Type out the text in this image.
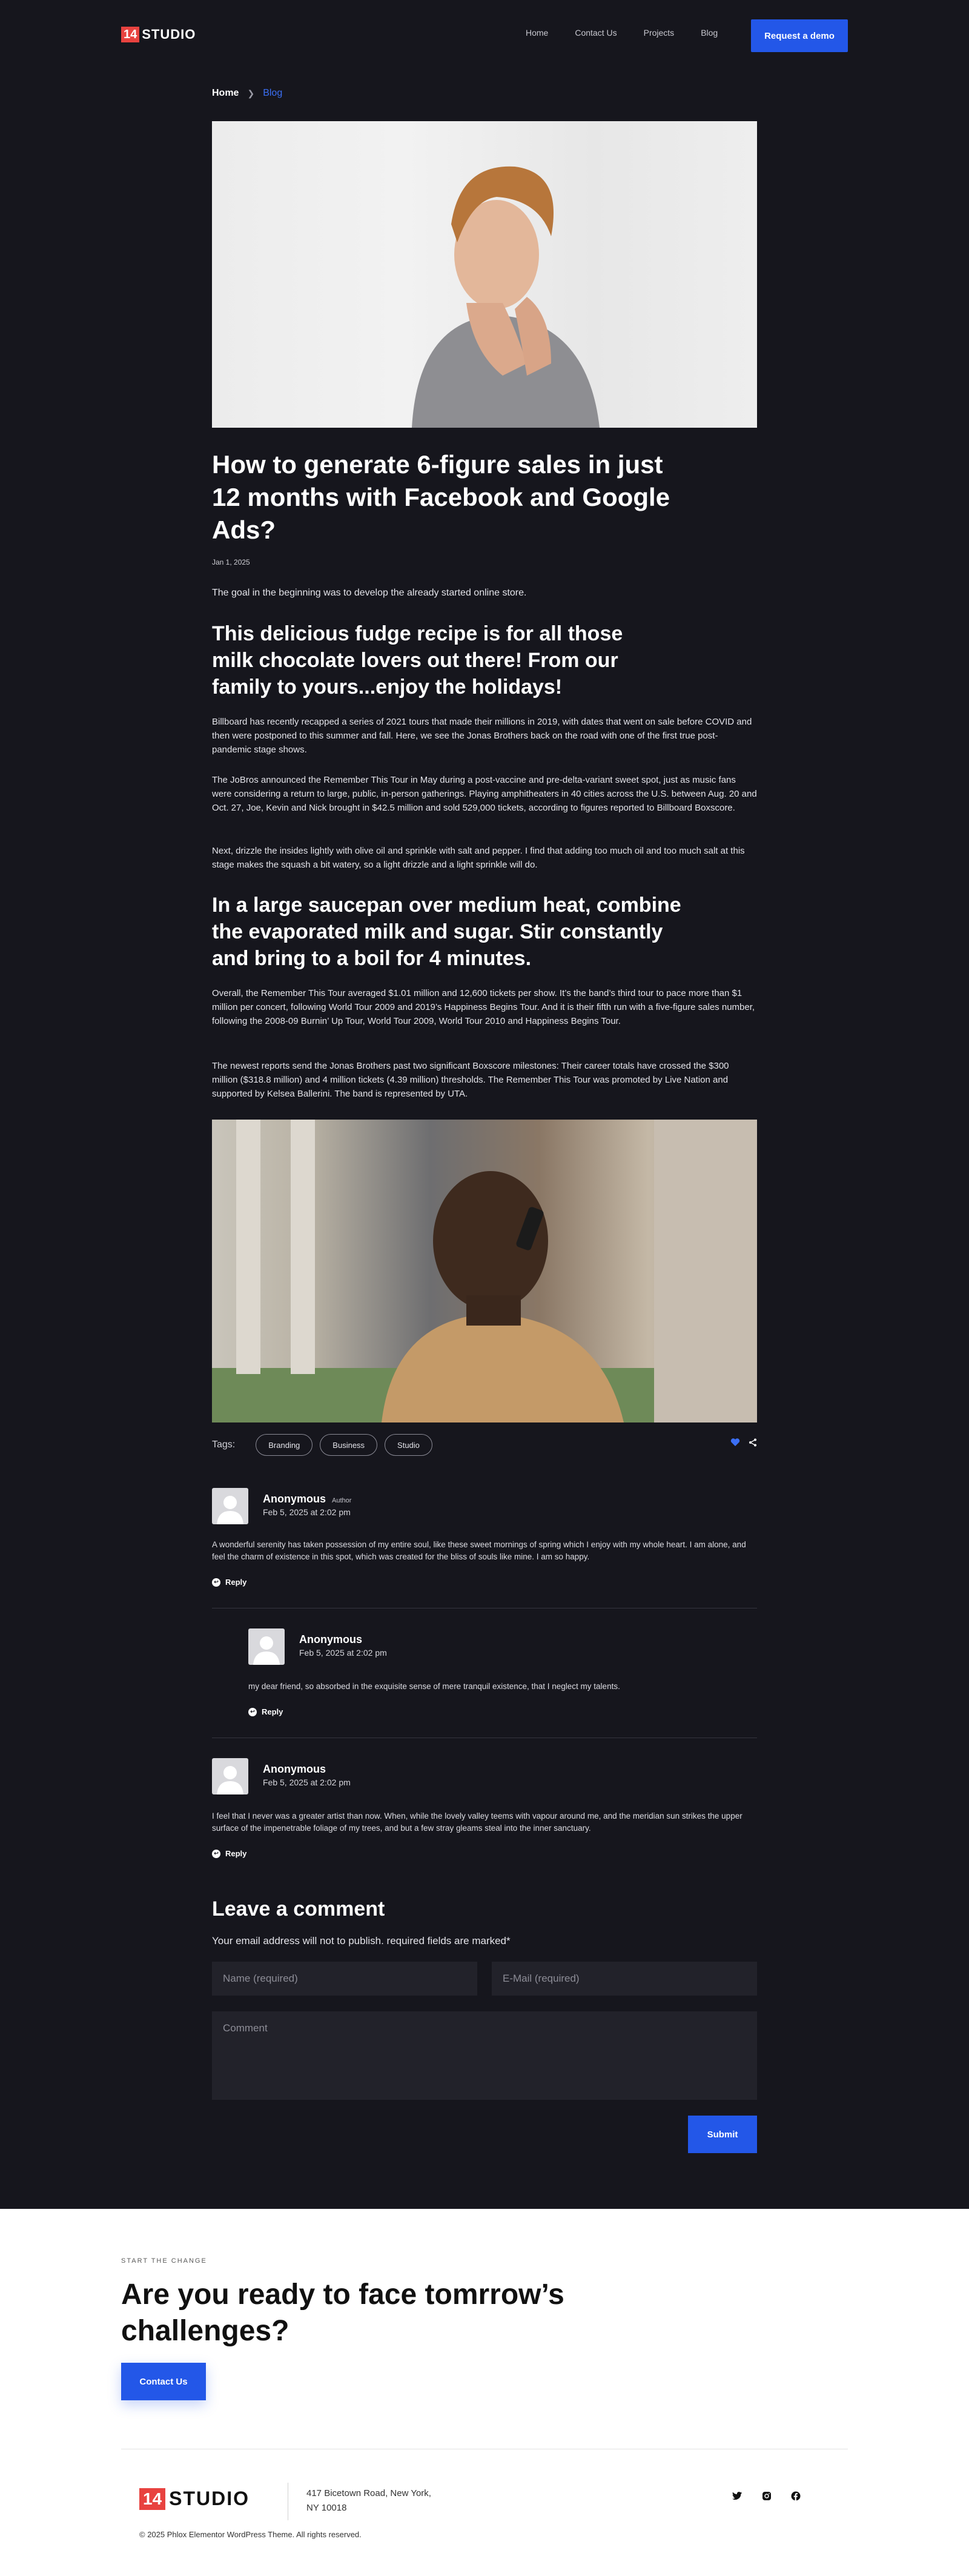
14 STUDIO	Home	Contact Us	Projects	Blog	Request a demo
Home ❯ Blog
How to generate 6-figure sales in just 12 months with Facebook and Google Ads?
Jan 1, 2025

The goal in the beginning was to develop the already started online store.

This delicious fudge recipe is for all those milk chocolate lovers out there! From our family to yours...enjoy the holidays!

Billboard has recently recapped a series of 2021 tours that made their millions in 2019, with dates that went on sale before COVID and then were postponed to this summer and fall. Here, we see the Jonas Brothers back on the road with one of the first true post-pandemic stage shows.

The JoBros announced the Remember This Tour in May during a post-vaccine and pre-delta-variant sweet spot, just as music fans were considering a return to large, public, in-person gatherings. Playing amphitheaters in 40 cities across the U.S. between Aug. 20 and Oct. 27, Joe, Kevin and Nick brought in $42.5 million and sold 529,000 tickets, according to figures reported to Billboard Boxscore.

Next, drizzle the insides lightly with olive oil and sprinkle with salt and pepper. I find that adding too much oil and too much salt at this stage makes the squash a bit watery, so a light drizzle and a light sprinkle will do.

In a large saucepan over medium heat, combine the evaporated milk and sugar. Stir constantly and bring to a boil for 4 minutes.

Overall, the Remember This Tour averaged $1.01 million and 12,600 tickets per show. It’s the band’s third tour to pace more than $1 million per concert, following World Tour 2009 and 2019’s Happiness Begins Tour. And it is their fifth run with a five-figure sales number, following the 2008-09 Burnin’ Up Tour, World Tour 2009, World Tour 2010 and Happiness Begins Tour.

The newest reports send the Jonas Brothers past two significant Boxscore milestones: Their career totals have crossed the $300 million ($318.8 million) and 4 million tickets (4.39 million) thresholds. The Remember This Tour was promoted by Live Nation and supported by Kelsea Ballerini. The band is represented by UTA.

Tags:	Branding	Business	Studio
Anonymous Author
Feb 5, 2025 at 2:02 pm
A wonderful serenity has taken possession of my entire soul, like these sweet mornings of spring which I enjoy with my whole heart. I am alone, and feel the charm of existence in this spot, which was created for the bliss of souls like mine. I am so happy.
↩ Reply
Anonymous
Feb 5, 2025 at 2:02 pm
my dear friend, so absorbed in the exquisite sense of mere tranquil existence, that I neglect my talents.
↩ Reply
Anonymous
Feb 5, 2025 at 2:02 pm
I feel that I never was a greater artist than now. When, while the lovely valley teems with vapour around me, and the meridian sun strikes the upper surface of the impenetrable foliage of my trees, and but a few stray gleams steal into the inner sanctuary.
↩ Reply
Leave a comment

Your email address will not to publish. required fields are marked*

Name (required)	E-Mail (required)
Comment
Submit
START THE CHANGE
Are you ready to face tomrrow’s challenges?
Contact Us
14 STUDIO	417 Bicetown Road, New York, NY 10018
© 2025 Phlox Elementor WordPress Theme. All rights reserved.
